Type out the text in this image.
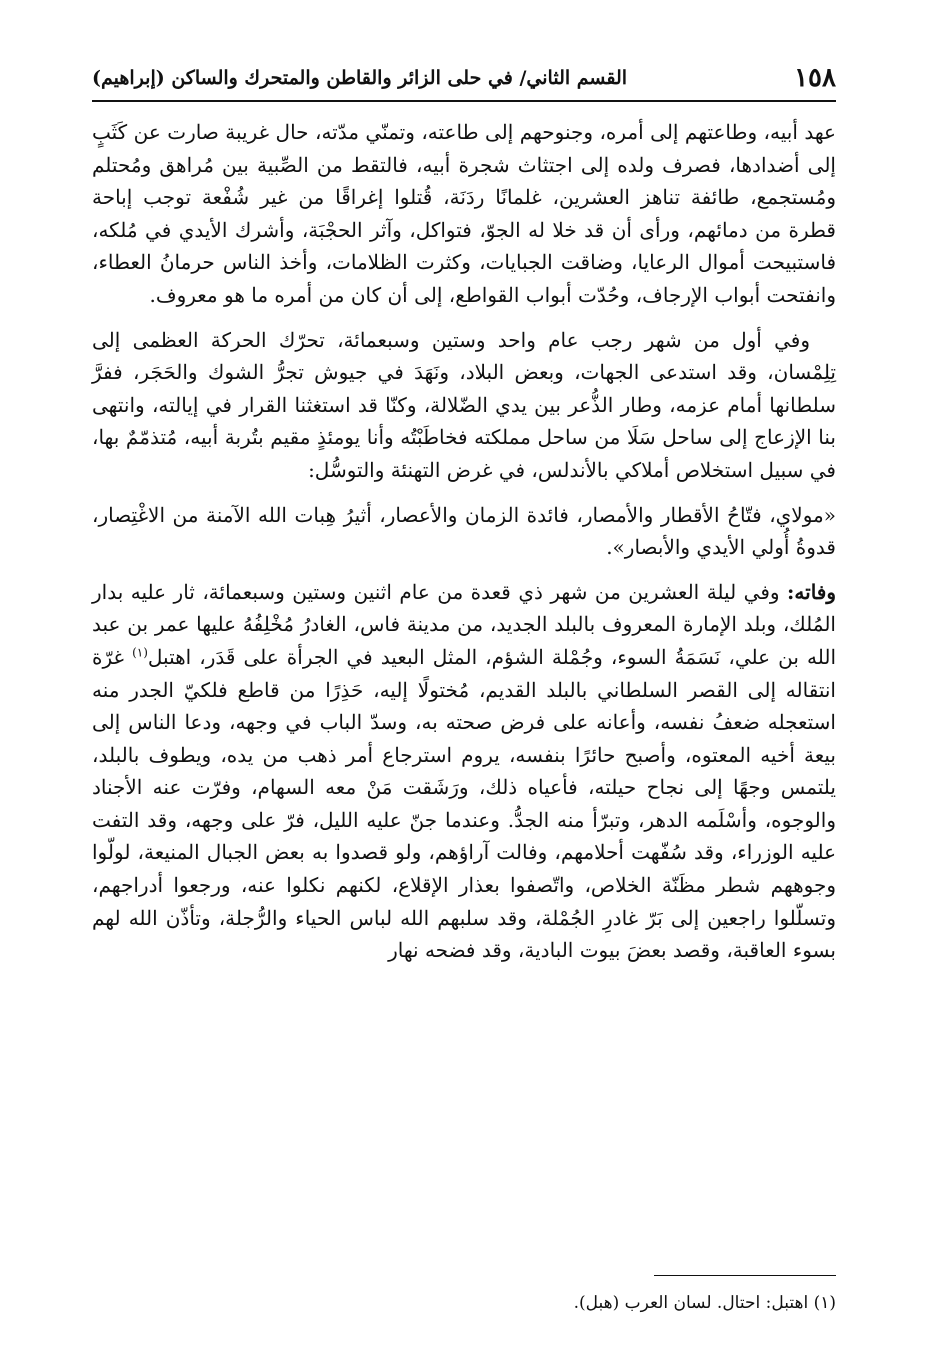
١٥٨
القسم الثاني/ في حلى الزائر والقاطن والمتحرك والساكن (إبراهيم)

عهد أبيه، وطاعتهم إلى أمره، وجنوحهم إلى طاعته، وتمنّي مدّته، حال غريبة صارت عن كَثَبٍ إلى أضدادها، فصرف ولده إلى اجتثاث شجرة أبيه، فالتقط من الصِّبية بين مُراهق ومُحتلم ومُستجمع، طائفة تناهز العشرين، غلمانًا ردَنَة، قُتلوا إغراقًا من غير شُفْعة توجب إباحة قطرة من دمائهم، ورأى أن قد خلا له الجوّ، فتواكل، وآثر الحجْبَة، وأشرك الأيدي في مُلكه، فاستبيحت أموال الرعايا، وضاقت الجبايات، وكثرت الظلامات، وأخذ الناس حرمانُ العطاء، وانفتحت أبواب الإرجاف، وحُدّت أبواب القواطع، إلى أن كان من أمره ما هو معروف.

وفي أول من شهر رجب عام واحد وستين وسبعمائة، تحرّك الحركة العظمى إلى تِلِمْسان، وقد استدعى الجهات، وبعض البلاد، ونَهَدَ في جيوش تجرُّ الشوك والحَجَر، ففرَّ سلطانها أمام عزمه، وطار الذُّعر بين يدي الضّلالة، وكنّا قد استغثنا القرار في إيالته، وانتهى بنا الإزعاج إلى ساحل سَلَا من ساحل مملكته فخاطَبْتُه وأنا يومئذٍ مقيم بتُربة أبيه، مُتذمّمٌ بها، في سبيل استخلاص أملاكي بالأندلس، في غرض التهنئة والتوسُّل:

«مولاي، فتّاحُ الأقطار والأمصار، فائدة الزمان والأعصار، أثيرُ هِبات الله الآمنة من الاغْتِصار، قدوةُ أُولي الأيدي والأبصار».

وفاته: وفي ليلة العشرين من شهر ذي قعدة من عام اثنين وستين وسبعمائة، ثار عليه بدار المُلك، وبلد الإمارة المعروف بالبلد الجديد، من مدينة فاس، الغادرُ مُخْلِفُهُ عليها عمر بن عبد الله بن علي، نَسَمَةُ السوء، وجُمْلة الشؤم، المثل البعيد في الجرأة على قَدَر، اهتبل$^{(١)}$ غرّة انتقاله إلى القصر السلطاني بالبلد القديم، مُختولًا إليه، حَذِرًا من قاطع فلكيّ الجدر منه استعجله ضعفُ نفسه، وأعانه على فرض صحته به، وسدّ الباب في وجهه، ودعا الناس إلى بيعة أخيه المعتوه، وأصبح حائرًا بنفسه، يروم استرجاع أمر ذهب من يده، ويطوف بالبلد، يلتمس وجهًا إلى نجاح حيلته، فأعياه ذلك، ورَشَقت مَنْ معه السهام، وفرّت عنه الأجناد والوجوه، وأسْلَمه الدهر، وتبرّأ منه الجدُّ. وعندما جنّ عليه الليل، فرّ على وجهه، وقد التفت عليه الوزراء، وقد سُفّهت أحلامهم، وفالت آراؤهم، ولو قصدوا به بعض الجبال المنيعة، لولّوا وجوههم شطر مظَنّة الخلاص، واتّصفوا بعذار الإقلاع، لكنهم نكلوا عنه، ورجعوا أدراجهم، وتسلّلوا راجعين إلى بَرّ غادرِ الجُمْلة، وقد سلبهم الله لباس الحياء والرُّجلة، وتأذّن الله لهم بسوء العاقبة، وقصد بعضَ بيوت البادية، وقد فضحه نهار

(١) اهتبل: احتال. لسان العرب (هبل).
